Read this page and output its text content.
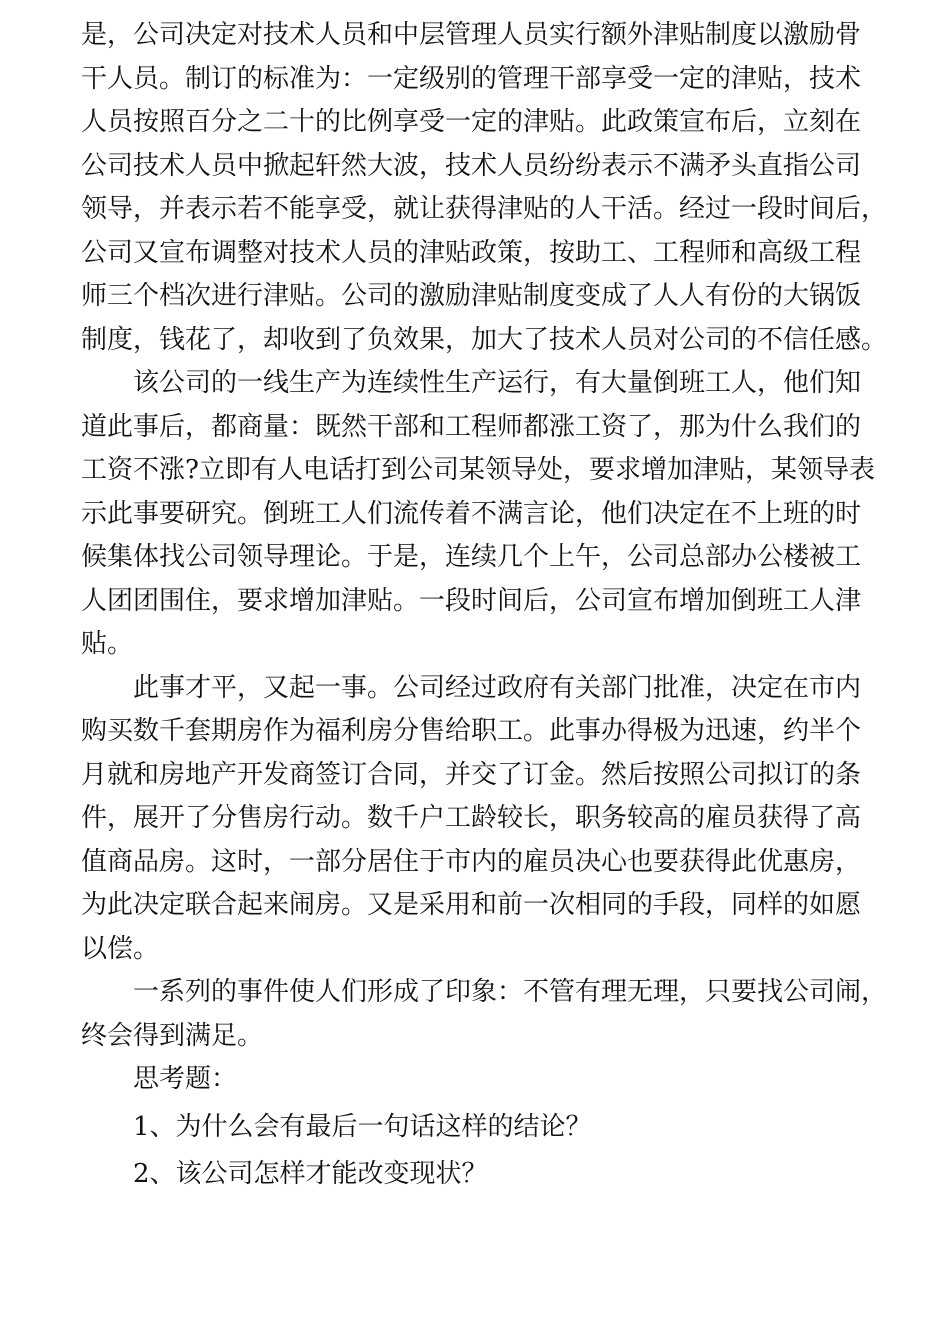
是，公司决定对技术人员和中层管理人员实行额外津贴制度以激励骨
干人员。制订的标准为：一定级别的管理干部享受一定的津贴，技术
人员按照百分之二十的比例享受一定的津贴。此政策宣布后，立刻在
公司技术人员中掀起轩然大波，技术人员纷纷表示不满矛头直指公司
领导，并表示若不能享受，就让获得津贴的人干活。经过一段时间后，
公司又宣布调整对技术人员的津贴政策，按助工、工程师和高级工程
师三个档次进行津贴。公司的激励津贴制度变成了人人有份的大锅饭
制度，钱花了，却收到了负效果，加大了技术人员对公司的不信任感。
该公司的一线生产为连续性生产运行，有大量倒班工人，他们知
道此事后，都商量：既然干部和工程师都涨工资了，那为什么我们的
工资不涨?立即有人电话打到公司某领导处，要求增加津贴，某领导表
示此事要研究。倒班工人们流传着不满言论，他们决定在不上班的时
候集体找公司领导理论。于是，连续几个上午，公司总部办公楼被工
人团团围住，要求增加津贴。一段时间后，公司宣布增加倒班工人津
贴。
此事才平，又起一事。公司经过政府有关部门批准，决定在市内
购买数千套期房作为福利房分售给职工。此事办得极为迅速，约半个
月就和房地产开发商签订合同，并交了订金。然后按照公司拟订的条
件，展开了分售房行动。数千户工龄较长，职务较高的雇员获得了高
值商品房。这时，一部分居住于市内的雇员决心也要获得此优惠房，
为此决定联合起来闹房。又是采用和前一次相同的手段，同样的如愿
以偿。
一系列的事件使人们形成了印象：不管有理无理，只要找公司闹，
终会得到满足。
思考题：
1、为什么会有最后一句话这样的结论？
2、该公司怎样才能改变现状？
